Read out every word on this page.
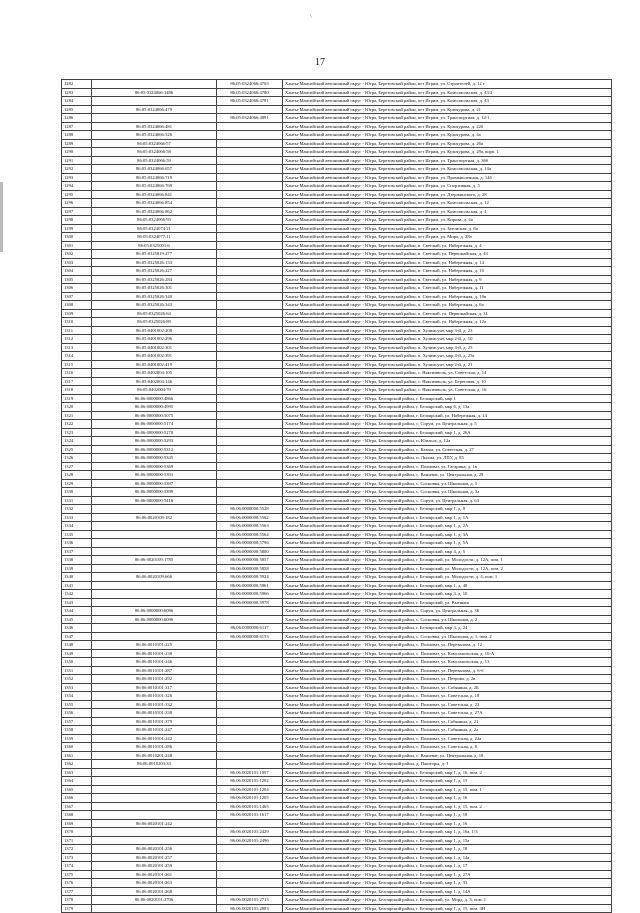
\
17
1282		86:05:0324066:4763	Ханты-Мансийский автономный округ - Югра, Березовский район, пгт Игрим, ул. Строителей, д. 12 г
1283	86:05:0324066:1486	86:05:0324066:4780	Ханты-Мансийский автономный округ - Югра, Березовский район, пгт Игрим, ул. Комсомольская, д. 43/2
1284		86:05:0324066:4781	Ханты-Мансийский автономный округ - Югра, Березовский район, пгт Игрим, ул. Комсомольская, д. 43
1285	86:05:0324066:479		Ханты-Мансийский автономный округ - Югра, Березовский район, пгт Игрим, ул. Кульчурова, д. 21
1286		86:05:0324066:4891	Ханты-Мансийский автономный округ - Югра, Березовский район, пгт Игрим, ул. Транспортная, д. 12/1
1287	86:05:0324066:481		Ханты-Мансийский автономный округ - Югра, Березовский район, пгт Игрим, ул. Кульчурова, д. 22б
1288	86:05:0324066:526		Ханты-Мансийский автономный округ - Югра, Березовский район, пгт Игрим, ул. Кульчурова, д. 4а
1289	86:05:0324066:57		Ханты-Мансийский автономный округ - Югра, Березовский район, пгт Игрим, ул. Кульчурова, д. 26а
1290	86:05:0324066:58		Ханты-Мансийский автономный округ - Югра, Березовский район, пгт Игрим, ул. Кульчурова, д. 29а, корп. 1
1291	86:05:0324066:59		Ханты-Мансийский автономный округ - Югра, Березовский район, пгт Игрим, ул. Транспортная, д. 36б
1292	86:05:0324066:657		Ханты-Мансийский автономный округ - Югра, Березовский район, пгт Игрим, ул. Комсомольская, д. 14а
1293	86:05:0324066:719		Ханты-Мансийский автономный округ - Югра, Березовский район, пгт Игрим, ул. Промышленная, д. 14б
1294	86:05:0324066:769		Ханты-Мансийский автономный округ - Югра, Березовский район, пгт Игрим, ул. Спортивная, д. 5
1295	86:05:0324066:841		Ханты-Мансийский автономный округ - Югра, Березовский район, пгт Игрим, ул. Дзержинского, д. 28
1296	86:05:0324066:854		Ханты-Мансийский автономный округ - Югра, Березовский район, пгт Игрим, ул. Комсомольская, д. 12
1297	86:05:0324066:862		Ханты-Мансийский автономный округ - Югра, Березовский район, пгт Игрим, ул. Комсомольская, д. 4
1298	86:05:0324066:95		Ханты-Мансийский автономный округ - Югра, Березовский район, пгт Игрим, ул. Кирова, д. 4а
1299	86:05:0324074:21		Ханты-Мансийский автономный округ - Югра, Березовский район, пгт Игрим, ул. Затонская, д. 6а
1300	86:05:0324077:11		Ханты-Мансийский автономный округ - Югра, Березовский район, пгт Игрим, ул. Мира, д. 28а
1301	86:05:0325001:6		Ханты-Мансийский автономный округ - Югра, Березовский район, п. Светлый, ул. Набережная, д. 4
1302	86:05:0325019:277		Ханты-Мансийский автономный округ - Югра, Березовский район, п. Светлый, ул. Первомайская, д. 43
1303	86:05:0325026:133		Ханты-Мансийский автономный округ - Югра, Березовский район, п. Светлый, ул. Набережная, д. 14
1304	86:05:0325026:227		Ханты-Мансийский автономный округ - Югра, Березовский район, п. Светлый, ул. Набережная, д. 10
1305	86:05:0325026:284		Ханты-Мансийский автономный округ - Югра, Березовский район, п. Светлый, ул. Набережная, д. 9
1306	86:05:0325026:301		Ханты-Мансийский автономный округ - Югра, Березовский район, п. Светлый, ул. Набережная, д. 11
1307	86:05:0325026:340		Ханты-Мансийский автономный округ - Югра, Березовский район, п. Светлый, ул. Набережная, д. 10в
1308	86:05:0325026:343		Ханты-Мансийский автономный округ - Югра, Березовский район, п. Светлый, ул. Набережная, д. 6а
1309	86:05:0325026:64		Ханты-Мансийский автономный округ - Югра, Березовский район, п. Светлый, ул. Первомайская, д. 31
1310	86:05:0325026:89		Ханты-Мансийский автономный округ - Югра, Березовский район, п. Светлый, ул. Набережная, д. 12а
1311	86:05:0401002:208		Ханты-Мансийский автономный округ - Югра, Березовский район, п. Хулимсунт, мкр 3-й, д. 23
1312	86:05:0401002:296		Ханты-Мансийский автономный округ - Югра, Березовский район, п. Хулимсунт, мкр 2-й, д. 10
1313	86:05:0401002:301		Ханты-Мансийский автономный округ - Югра, Березовский район, п. Хулимсунт, мкр 4-й, д. 25
1314	86:05:0401002:391		Ханты-Мансийский автономный округ - Югра, Березовский район, п. Хулимсунт, мкр 4-й, д. 25а
1315	86:05:0401002:419		Ханты-Мансийский автономный округ - Югра, Березовский район, п. Хулимсунт, мкр 2-й, д. 21
1316	86:05:0402004:105		Ханты-Мансийский автономный округ - Югра, Березовский район, с. Няксимволь, ул. Советская, д. 14
1317	86:05:0402004:146		Ханты-Мансийский автономный округ - Югра, Березовский район, с. Няксимволь, ул. Береговая, д. 10
1318	86:05:0402004:70		Ханты-Мансийский автономный округ - Югра, Березовский район, с. Няксимволь, ул. Советская, д. 16
1319	86:06:0000000:4866		Ханты-Мансийский автономный округ - Югра, Белоярский район, г. Белоярский, мкр 1
1320	86:06:0000000:4995		Ханты-Мансийский автономный округ - Югра, Белоярский район, г. Белоярский, мкр 6, д. 13а
1321	86:06:0000000:5075		Ханты-Мансийский автономный округ - Югра, Белоярский район, г. Белоярский, ул. Набережная, д. 14
1322	86:06:0000000:5174		Ханты-Мансийский автономный округ - Югра, Белоярский район, с. Сорум, ул. Центральная, д. 5
1323	86:06:0000000:5278		Ханты-Мансийский автономный округ - Югра, Белоярский район, г. Белоярский, мкр 1, д. 26А
1324	86:06:0000000:5293		Ханты-Мансийский автономный округ - Югра, Белоярский район, п. Юильск, д. 12а
1325	86:06:0000000:5312		Ханты-Мансийский автономный округ - Югра, Белоярский район, с. Казым, ул. Советская, д. 27
1326	86:06:0000000:5345		Ханты-Мансийский автономный округ - Югра, Белоярский район, п. Лыхма, ул. ЛПУ, д. 85
1327	86:06:0000000:5369		Ханты-Мансийский автономный округ - Югра, Белоярский район, с. Полноват, ул. Гагарина, д. 1в
1328	86:06:0000000:5391		Ханты-Мансийский автономный округ - Югра, Белоярский район, с. Ванзеват, ул. Центральная, д. 29
1329	86:06:0000000:5397		Ханты-Мансийский автономный округ - Югра, Белоярский район, с. Сосновка, ул. Школьная, д. 5
1330	86:06:0000000:5399		Ханты-Мансийский автономный округ - Югра, Белоярский район, с. Сосновка, ул. Школьная, д. 3а
1331	86:06:0000000:5416		Ханты-Мансийский автономный округ - Югра, Белоярский район, с. Сорум, ул. Центральная, д. 63
1332		86:06:0000000:5528	Ханты-Мансийский автономный округ - Югра, Белоярский район, г. Белоярский, мкр 1, д. 8
1333	86:06:0020109:182	86:06:0000000:5562	Ханты-Мансийский автономный округ - Югра, Белоярский район, г. Белоярский, мкр 1, д. 1А
1334		86:06:0000000:5563	Ханты-Мансийский автономный округ - Югра, Белоярский район, г. Белоярский, мкр 1, д. 2А
1335		86:06:0000000:5564	Ханты-Мансийский автономный округ - Югра, Белоярский район, г. Белоярский, мкр 1, д. 3А
1336		86:06:0000000:5796	Ханты-Мансийский автономный округ - Югра, Белоярский район, г. Белоярский, мкр 1, д. 5А
1337		86:06:0000000:5800	Ханты-Мансийский автономный округ - Югра, Белоярский район, г. Белоярский, мкр 4, д. 5
1338	86:06:0020109:1785	86:06:0000000:5857	Ханты-Мансийский автономный округ - Югра, Белоярский район, г. Белоярский, ул. Молодости, д. 12А, пом. 1
1339		86:06:0000000:5858	Ханты-Мансийский автономный округ - Югра, Белоярский район, г. Белоярский, ул. Молодости, д. 12А, пом. 2
1340	86:06:0020109:666	86:06:0000000:5924	Ханты-Мансийский автономный округ - Югра, Белоярский район, г. Белоярский, ул. Молодости, д. 4, пом. 1
1341		86:06:0000000:5961	Ханты-Мансийский автономный округ - Югра, Белоярский район, г. Белоярский, мкр 1, д. 40
1342		86:06:0000000:5966	Ханты-Мансийский автономный округ - Югра, Белоярский район, г. Белоярский, мкр 3, д. 10
1343		86:06:0000000:5978	Ханты-Мансийский автономный округ - Югра, Белоярский район, г. Белоярский, ул. Выгнная
1344	86:06:0000000:6086		Ханты-Мансийский автономный округ - Югра, Белоярский район, с. Сорум, ул. Центральная, д. 3Б
1345	86:06:0000000:6096		Ханты-Мансийский автономный округ - Югра, Белоярский район, с. Сосновка, ул. Школьная, д. 2
1346		86:06:0000000:6117	Ханты-Мансийский автономный округ - Югра, Белоярский район, г. Белоярский, мкр 3, д. 24
1347		86:06:0000000:6153	Ханты-Мансийский автономный округ - Югра, Белоярский район, с. Сосновка, ул. Школьная, д. 1, пом. 2
1348	86:06:0010101:225		Ханты-Мансийский автономный округ - Югра, Белоярский район, с. Полноват, ул. Перевалова, д. 12
1349	86:06:0010101:238		Ханты-Мансийский автономный округ - Югра, Белоярский район, с. Полноват, ул. Комсомольская, д. 16-А
1350	86:06:0010101:246		Ханты-Мансийский автономный округ - Югра, Белоярский район, с. Полноват, ул. Комсомольская, д. 13
1351	86:06:0010101:287		Ханты-Мансийский автономный округ - Югра, Белоярский район, с. Полноват, ул. Перевалова, д. 6-б
1352	86:06:0010101:292		Ханты-Мансийский автономный округ - Югра, Белоярский район, с. Полноват, ул. Петрова, д. 2в
1353	86:06:0010101:317		Ханты-Мансийский автономный округ - Югра, Белоярский район, с. Полноват, ул. Собянина, д. 2Б
1354	86:06:0010101:326		Ханты-Мансийский автономный округ - Югра, Белоярский район, с. Полноват, ул. Советская, д. 18
1355	86:06:0010101:332		Ханты-Мансийский автономный округ - Югра, Белоярский район, с. Полноват, ул. Советская, д. 23
1356	86:06:0010101:338		Ханты-Мансийский автономный округ - Югра, Белоярский район, с. Полноват, ул. Советская, д. 27А
1357	86:06:0010101:379		Ханты-Мансийский автономный округ - Югра, Белоярский район, с. Полноват, ул. Собянина, д. 21
1358	86:06:0010101:247		Ханты-Мансийский автономный округ - Югра, Белоярский район, с. Полноват, ул. Собянина, д. 2а
1359	86:06:0010101:242		Ханты-Мансийский автономный округ - Югра, Белоярский район, с. Полноват, ул. Советская, д. 22а
1360	86:06:0010101:286		Ханты-Мансийский автономный округ - Югра, Белоярский район, с. Полноват, ул. Советская, д. 8
1361	86:06:0010201:248		Ханты-Мансийский автономный округ - Югра, Белоярский район, с. Ванзеват, ул. Центральная, д. 18
1362	86:06:0010203:33		Ханты-Мансийский автономный округ - Югра, Белоярский район, д. Пашторы, д. 1
1363		86:06:0020101:1097	Ханты-Мансийский автономный округ - Югра, Белоярский район, г. Белоярский, мкр 1, д. 16, пом. 2
1364		86:06:0020101:1202	Ханты-Мансийский автономный округ - Югра, Белоярский район, г. Белоярский, мкр 1, д. 15
1365		86:06:0020101:1204	Ханты-Мансийский автономный округ - Югра, Белоярский район, г. Белоярский, мкр 1, д. 15, пом. 1
1366		86:06:0020101:1205	Ханты-Мансийский автономный округ - Югра, Белоярский район, г. Белоярский, мкр 1, д. 16
1367		86:06:0020101:1465	Ханты-Мансийский автономный округ - Югра, Белоярский район, г. Белоярский, мкр 1, д. 15, пом. 2
1368		86:06:0020101:1617	Ханты-Мансийский автономный округ - Югра, Белоярский район, г. Белоярский, мкр 1, д. 18
1369	86:06:0020101:242		Ханты-Мансийский автономный округ - Югра, Белоярский район, г. Белоярский, мкр 1, д. 16
1370		86:06:0020101:2429	Ханты-Мансийский автономный округ - Югра, Белоярский район, г. Белоярский, мкр 1, д. 16а, 1/3
1371		86:06:0020101:2496	Ханты-Мансийский автономный округ - Югра, Белоярский район, г. Белоярский, мкр 1, д. 15а
1372	86:06:0020101:256		Ханты-Мансийский автономный округ - Югра, Белоярский район, г. Белоярский, мкр 1, д. 18
1373	86:06:0020101:257		Ханты-Мансийский автономный округ - Югра, Белоярский район, г. Белоярский, мкр 1, д. 14а
1374	86:06:0020101:259		Ханты-Мансийский автономный округ - Югра, Белоярский район, г. Белоярский, мкр 1, д. 17
1375	86:06:0020101:261		Ханты-Мансийский автономный округ - Югра, Белоярский район, г. Белоярский, мкр 1, д. 27А
1376	86:06:0020101:263		Ханты-Мансийский автономный округ - Югра, Белоярский район, г. Белоярский, мкр 1, д. 33
1377	86:06:0020101:268		Ханты-Мансийский автономный округ - Югра, Белоярский район, г. Белоярский, мкр 1, д. 14А
1378	86:06:0020101:2706	86:06:0020101:2713	Ханты-Мансийский автономный округ - Югра, Белоярский район, г. Белоярский, ул. Морд, д. 3, пом. 1
1379		86:06:0020101:2883	Ханты-Мансийский автономный округ - Югра, Белоярский район, г. Белоярский, мкр 1, д. 15, пом. 3Н
